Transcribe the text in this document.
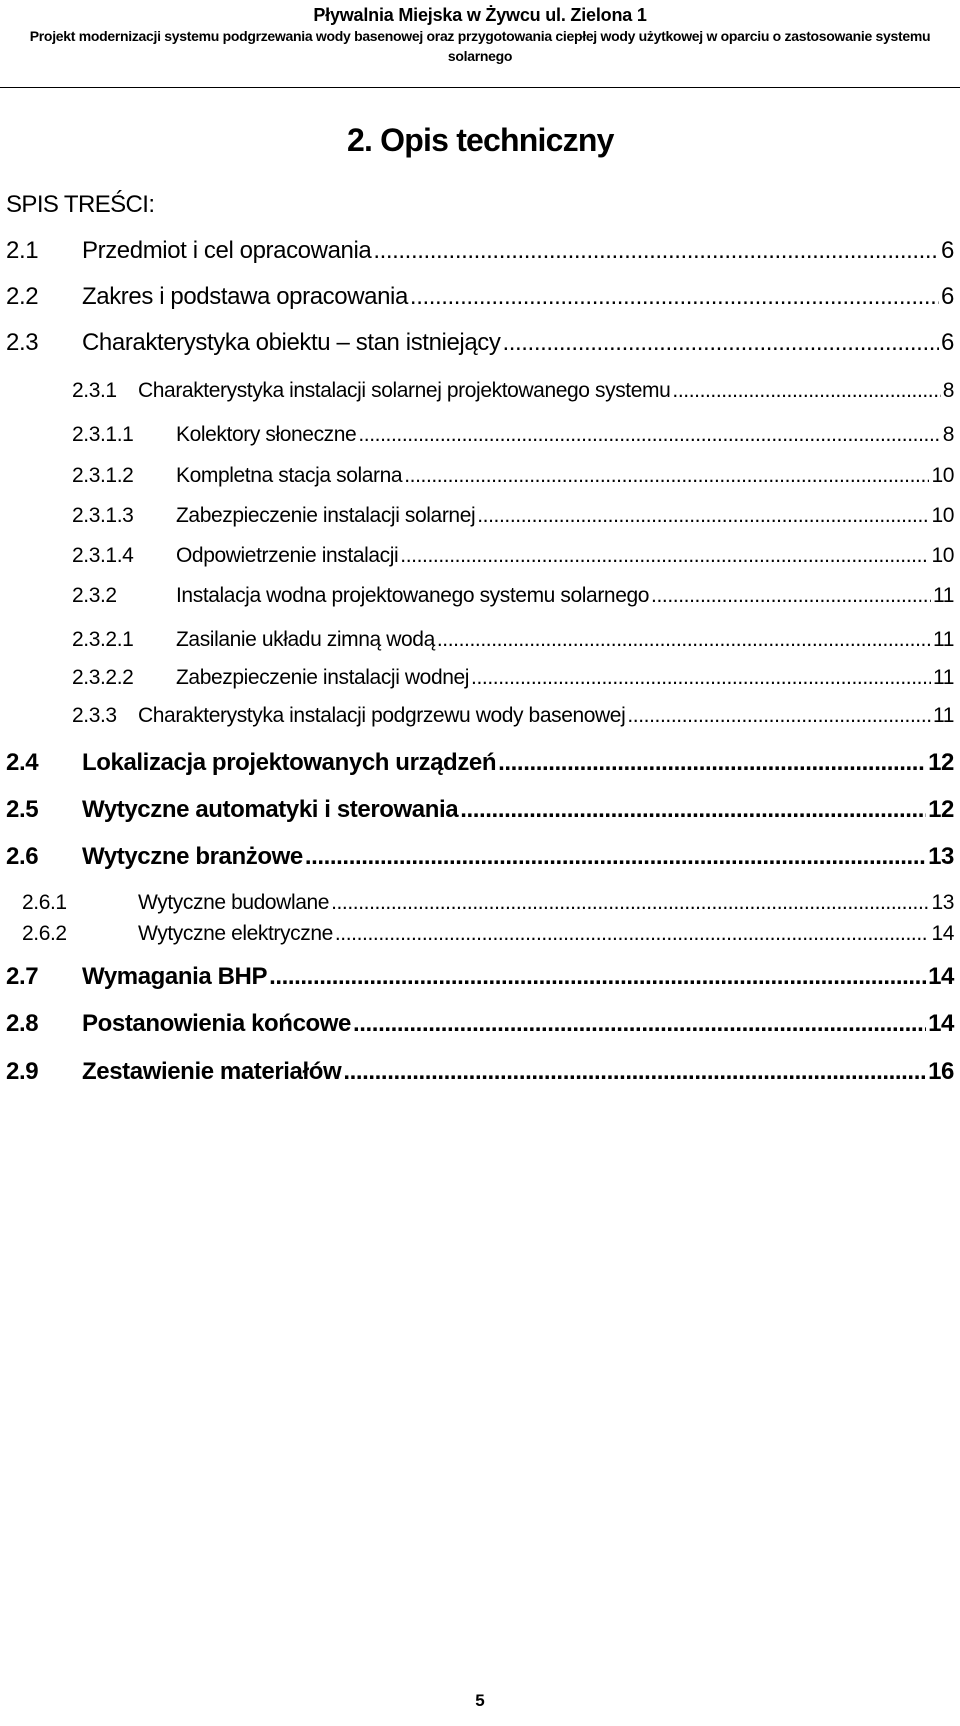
Pływalnia Miejska w Żywcu ul. Zielona 1
Projekt modernizacji systemu podgrzewania wody basenowej oraz przygotowania ciepłej wody użytkowej w oparciu o zastosowanie systemu solarnego
2. Opis techniczny
SPIS TREŚCI:
2.1	Przedmiot i cel opracowania .....	6
2.2	Zakres i podstawa opracowania .....	6
2.3	Charakterystyka obiektu – stan istniejący .....	6
2.3.1	Charakterystyka instalacji solarnej projektowanego systemu .....	8
2.3.1.1	Kolektory słoneczne .....	8
2.3.1.2	Kompletna stacja solarna .....	10
2.3.1.3	Zabezpieczenie instalacji solarnej .....	10
2.3.1.4	Odpowietrzenie instalacji .....	10
2.3.2	Instalacja wodna projektowanego systemu solarnego .....	11
2.3.2.1	Zasilanie układu zimną wodą .....	11
2.3.2.2	Zabezpieczenie instalacji wodnej .....	11
2.3.3	Charakterystyka instalacji podgrzewu wody basenowej .....	11
2.4	Lokalizacja projektowanych urządzeń .....	12
2.5	Wytyczne automatyki i sterowania .....	12
2.6	Wytyczne branżowe .....	13
2.6.1	Wytyczne budowlane .....	13
2.6.2	Wytyczne elektryczne .....	14
2.7	Wymagania BHP .....	14
2.8	Postanowienia końcowe .....	14
2.9	Zestawienie materiałów .....	16
5
